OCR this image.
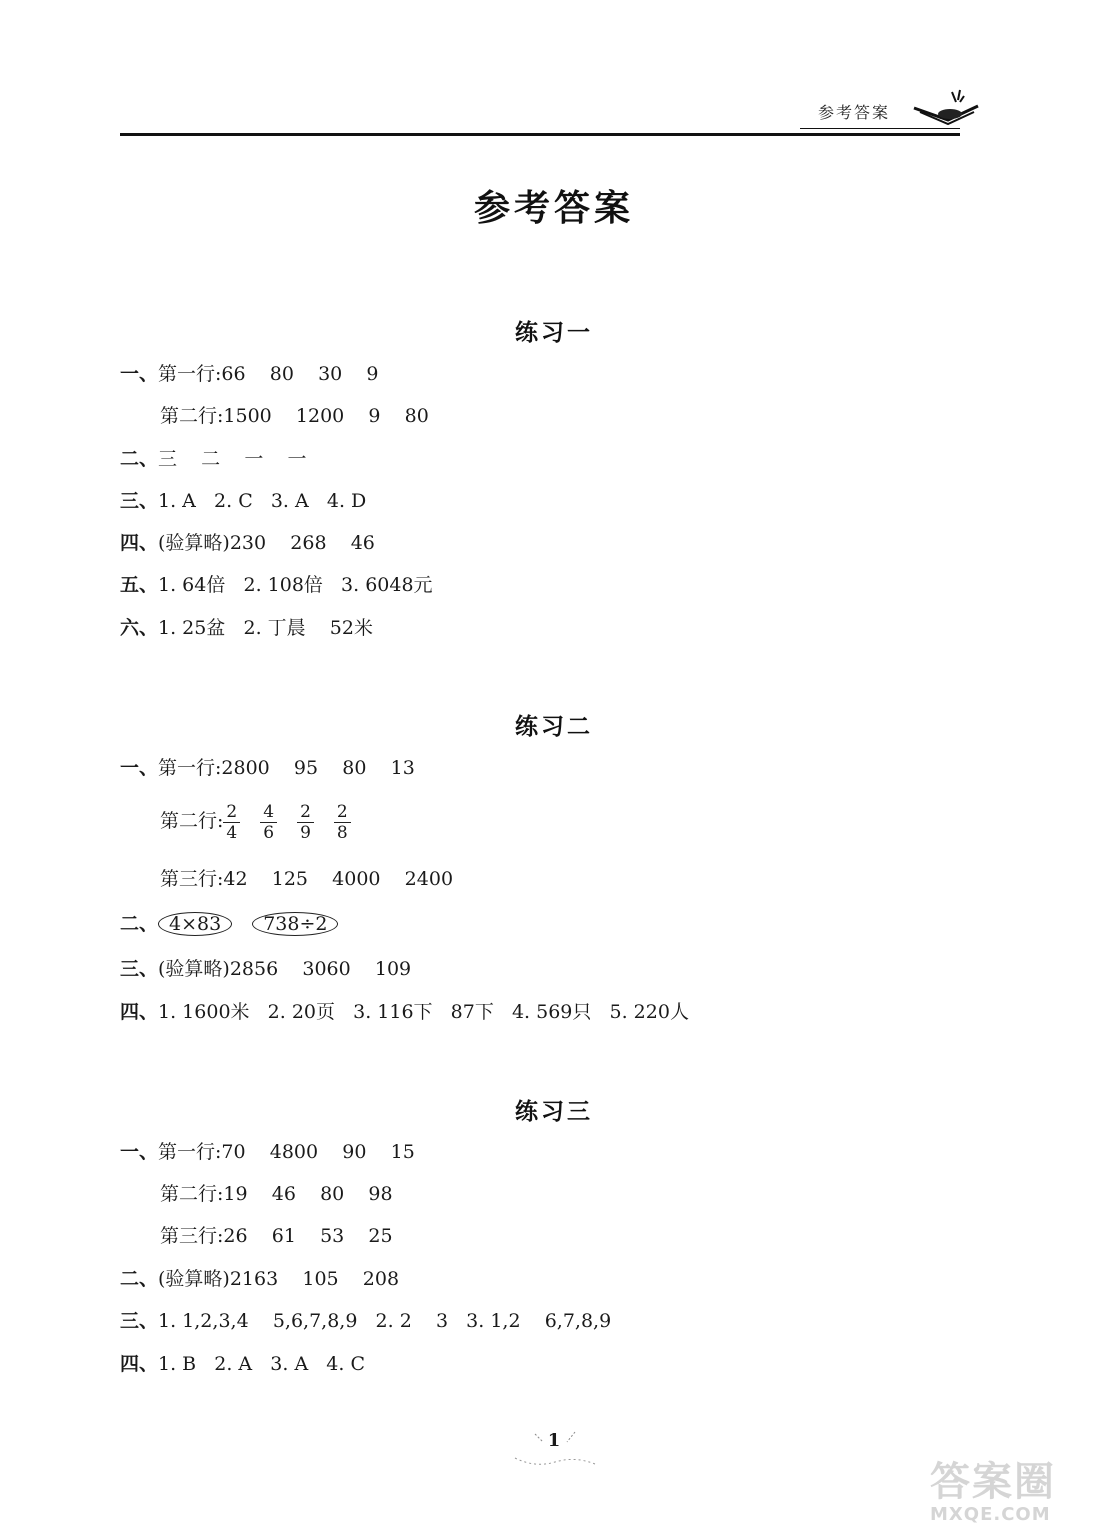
参考答案
参考答案
练习一
一、第一行:66    80    30    9
第二行:1500    1200    9    80
二、三    二    一    一
三、1. A   2. C   3. A   4. D
四、(验算略)230    268    46
五、1. 64倍   2. 108倍   3. 6048元
六、1. 25盆   2. 丁晨    52米
练习二
一、第一行:2800    95    80    13
第二行: $\frac{2}{4} \frac{4}{6} \frac{2}{9} \frac{2}{8}$
第三行:42    125    4000    2400
二、 4×83 738÷2
三、(验算略)2856    3060    109
四、1. 1600米   2. 20页   3. 116下   87下   4. 569只   5. 220人
练习三
一、第一行:70    4800    90    15
第二行:19    46    80    98
第三行:26    61    53    25
二、(验算略)2163    105    208
三、1. 1,2,3,4    5,6,7,8,9   2. 2    3   3. 1,2    6,7,8,9
四、1. B   2. A   3. A   4. C
1
答案圈
MXQE.COM
